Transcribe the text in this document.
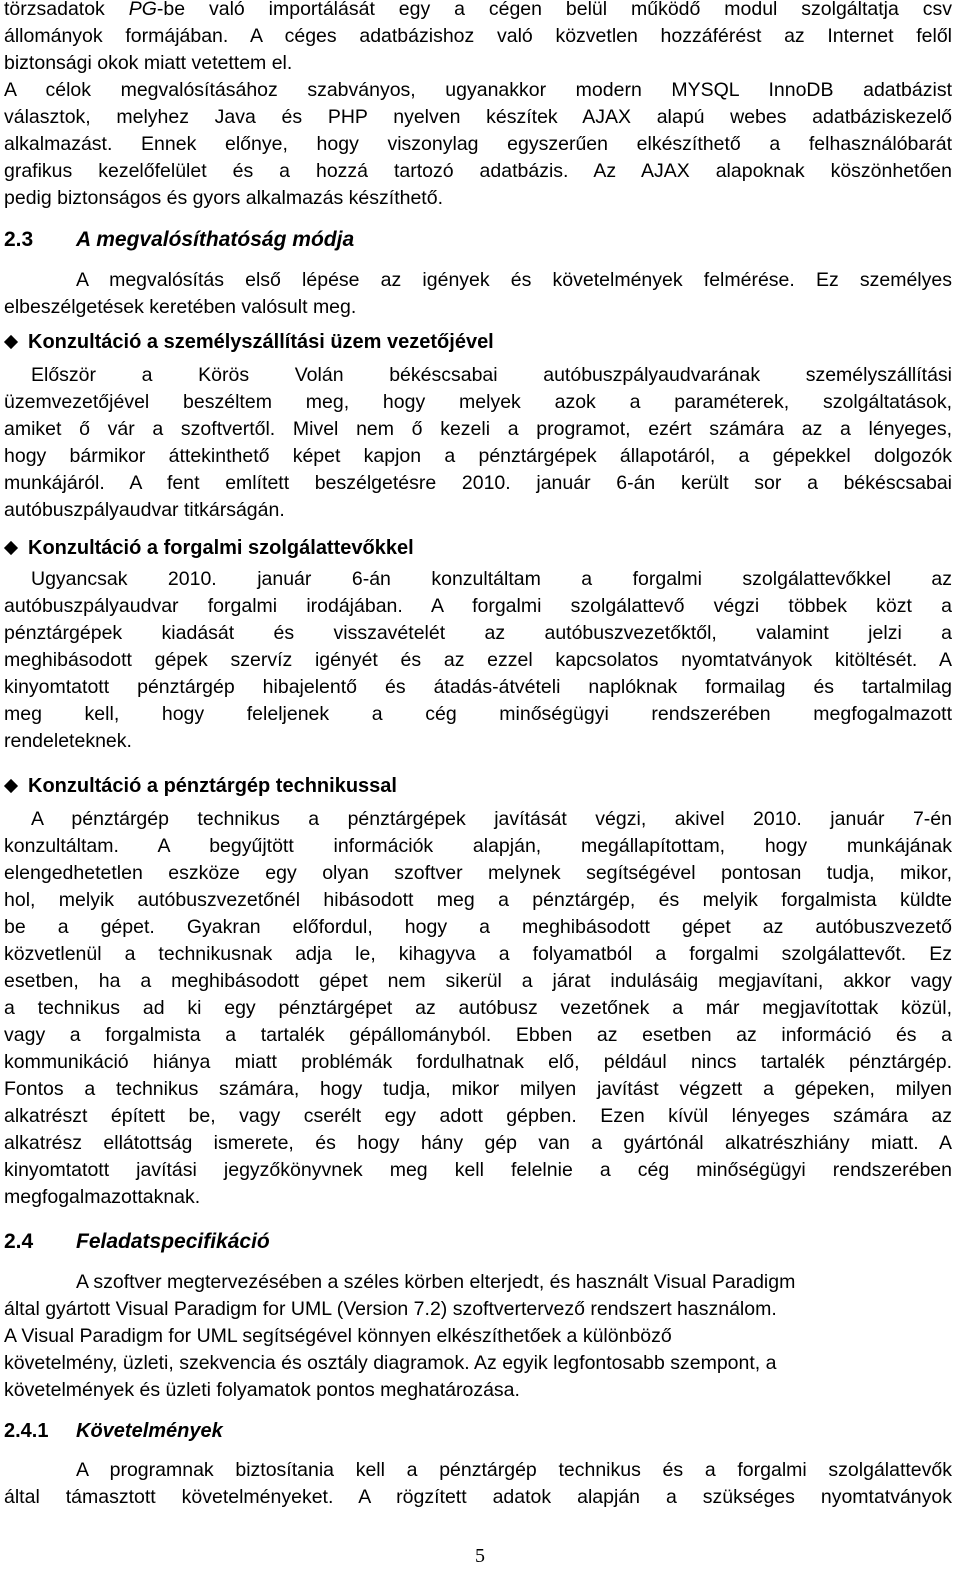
törzsadatok PG-be való importálását egy a cégen belül működő modul szolgáltatja csv
állományok formájában. A céges adatbázishoz való közvetlen hozzáférést az Internet felől
biztonsági okok miatt vetettem el.
A célok megvalósításához szabványos, ugyanakkor modern MYSQL InnoDB adatbázist
választok, melyhez Java és PHP nyelven készítek AJAX alapú webes adatbáziskezelő
alkalmazást. Ennek előnye, hogy viszonylag egyszerűen elkészíthető a felhasználóbarát
grafikus kezelőfelület és a hozzá tartozó adatbázis. Az AJAX alapoknak köszönhetően
pedig biztonságos és gyors alkalmazás készíthető.
2.3 A megvalósíthatóság módja
A megvalósítás első lépése az igények és követelmények felmérése. Ez személyes
elbeszélgetések keretében valósult meg.
Konzultáció a személyszállítási üzem vezetőjével
Először a Körös Volán békéscsabai autóbuszpályaudvarának személyszállítási
üzemvezetőjével beszéltem meg, hogy melyek azok a paraméterek, szolgáltatások,
amiket ő vár a szoftvertől. Mivel nem ő kezeli a programot, ezért számára az a lényeges,
hogy bármikor áttekinthető képet kapjon a pénztárgépek állapotáról, a gépekkel dolgozók
munkájáról. A fent említett beszélgetésre 2010. január 6-án került sor a békéscsabai
autóbuszpályaudvar titkárságán.
Konzultáció a forgalmi szolgálattevőkkel
Ugyancsak 2010. január 6-án konzultáltam a forgalmi szolgálattevőkkel az
autóbuszpályaudvar forgalmi irodájában. A forgalmi szolgálattevő végzi többek közt a
pénztárgépek kiadását és visszavételét az autóbuszvezetőktől, valamint jelzi a
meghibásodott gépek szervíz igényét és az ezzel kapcsolatos nyomtatványok kitöltését. A
kinyomtatott pénztárgép hibajelentő és átadás-átvételi naplóknak formailag és tartalmilag
meg kell, hogy feleljenek a cég minőségügyi rendszerében megfogalmazott
rendeleteknek.
Konzultáció a pénztárgép technikussal
A pénztárgép technikus a pénztárgépek javítását végzi, akivel 2010. január 7-én
konzultáltam. A begyűjtött információk alapján, megállapítottam, hogy munkájának
elengedhetetlen eszköze egy olyan szoftver melynek segítségével pontosan tudja, mikor,
hol, melyik autóbuszvezetőnél hibásodott meg a pénztárgép, és melyik forgalmista küldte
be a gépet. Gyakran előfordul, hogy a meghibásodott gépet az autóbuszvezető
közvetlenül a technikusnak adja le, kihagyva a folyamatból a forgalmi szolgálattevőt. Ez
esetben, ha a meghibásodott gépet nem sikerül a járat indulásáig megjavítani, akkor vagy
a technikus ad ki egy pénztárgépet az autóbusz vezetőnek a már megjavítottak közül,
vagy a forgalmista a tartalék gépállományból. Ebben az esetben az információ és a
kommunikáció hiánya miatt problémák fordulhatnak elő, például nincs tartalék pénztárgép.
Fontos a technikus számára, hogy tudja, mikor milyen javítást végzett a gépeken, milyen
alkatrészt épített be, vagy cserélt egy adott gépben. Ezen kívül lényeges számára az
alkatrész ellátottság ismerete, és hogy hány gép van a gyártónál alkatrészhiány miatt. A
kinyomtatott javítási jegyzőkönyvnek meg kell felelnie a cég minőségügyi rendszerében
megfogalmazottaknak.
2.4 Feladatspecifikáció
A szoftver megtervezésében a széles körben elterjedt, és használt Visual Paradigm
által gyártott Visual Paradigm for UML (Version 7.2) szoftvertervező rendszert használom.
A Visual Paradigm for UML segítségével könnyen elkészíthetőek a különböző
követelmény, üzleti, szekvencia és osztály diagramok. Az egyik legfontosabb szempont, a
követelmények és üzleti folyamatok pontos meghatározása.
2.4.1 Követelmények
A programnak biztosítania kell a pénztárgép technikus és a forgalmi szolgálattevők
által támasztott követelményeket. A rögzített adatok alapján a szükséges nyomtatványok
5
